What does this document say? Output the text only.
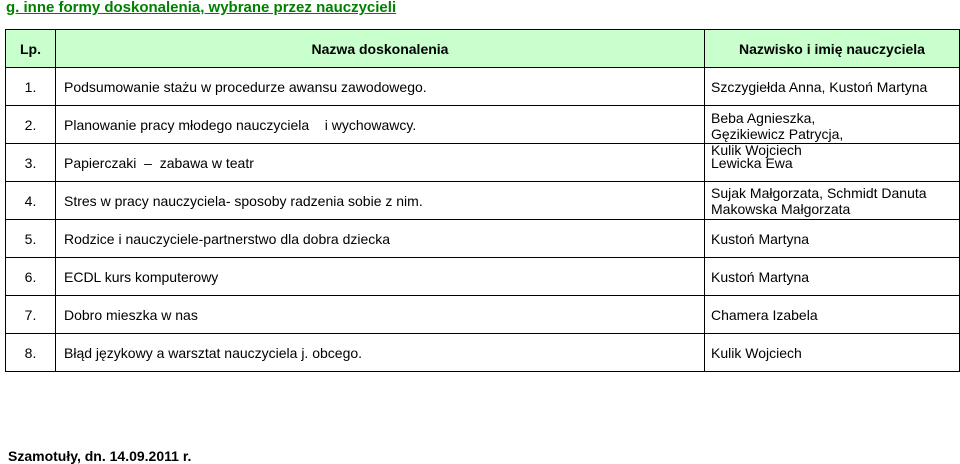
g. inne formy doskonalenia, wybrane przez nauczycieli
Lp.	Nazwa doskonalenia	Nazwisko i imię nauczyciela
1.	Podsumowanie stażu w procedurze awansu zawodowego.	Szczygiełda Anna, Kustoń Martyna
2.	Planowanie pracy młodego nauczyciela    i wychowawcy.	Beba Agnieszka,
Gęzikiewicz Patrycja,
Kulik Wojciech

3.	Papierczaki  –  zabawa w teatr	Lewicka Ewa
4.	Stres w pracy nauczyciela- sposoby radzenia sobie z nim.	Sujak Małgorzata, Schmidt Danuta
Makowska Małgorzata

5.	Rodzice i nauczyciele-partnerstwo dla dobra dziecka	Kustoń Martyna
6.	ECDL kurs komputerowy	Kustoń Martyna
7.	Dobro mieszka w nas	Chamera Izabela
8.	Błąd językowy a warsztat nauczyciela j. obcego.	Kulik Wojciech
Szamotuły, dn. 14.09.2011 r.
